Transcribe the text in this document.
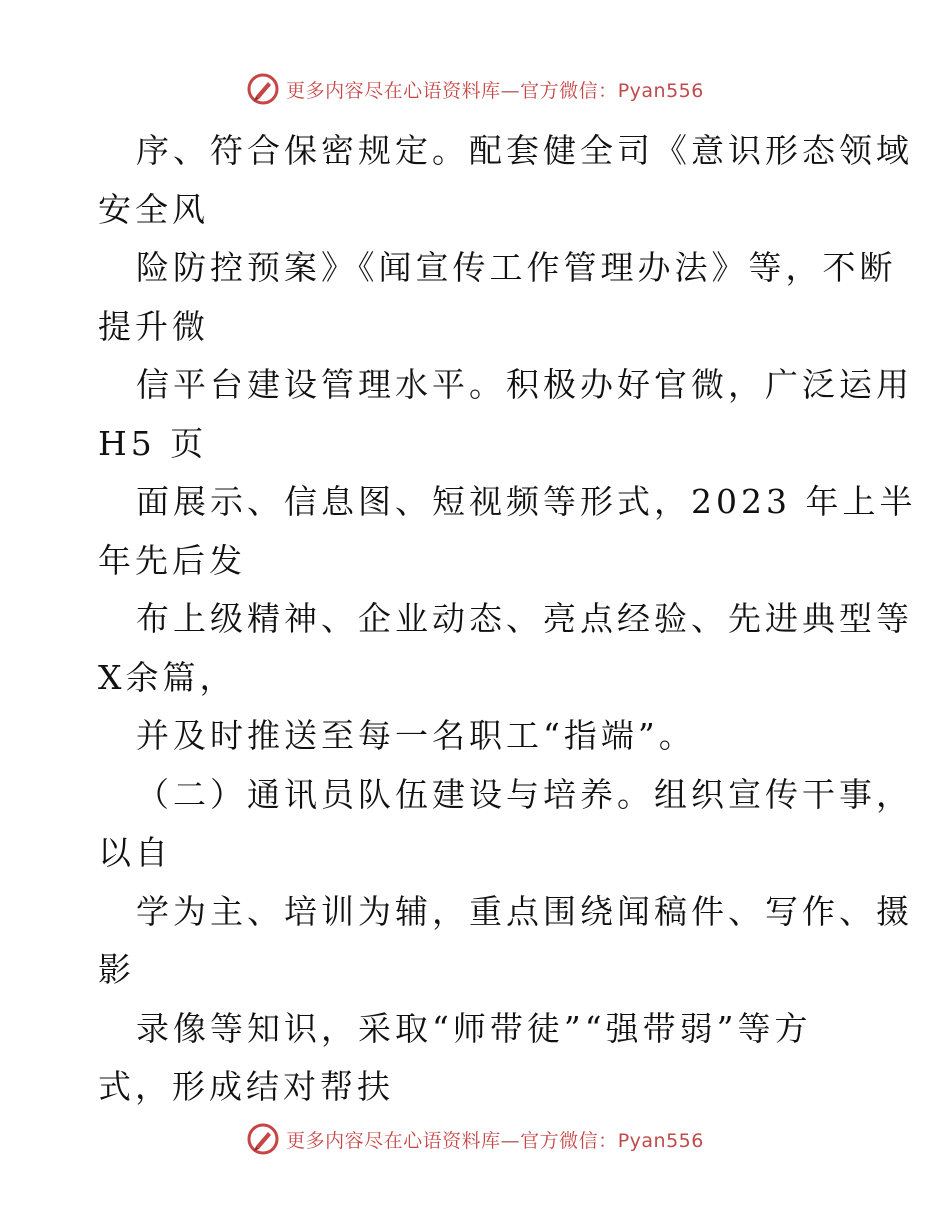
更多内容尽在心语资料库—官方微信：Pyan556
序、符合保密规定。配套健全司《意识形态领域
安全风
险防控预案》《闻宣传工作管理办法》等，不断
提升微
信平台建设管理水平。积极办好官微，广泛运用
H5 页
面展示、信息图、短视频等形式，2023 年上半
年先后发
布上级精神、企业动态、亮点经验、先进典型等
X余篇，
并及时推送至每一名职工“指端”。
（二）通讯员队伍建设与培养。组织宣传干事，
以自
学为主、培训为辅，重点围绕闻稿件、写作、摄
影
录像等知识，采取“师带徒”“强带弱”等方
式，形成结对帮扶
更多内容尽在心语资料库—官方微信：Pyan556
